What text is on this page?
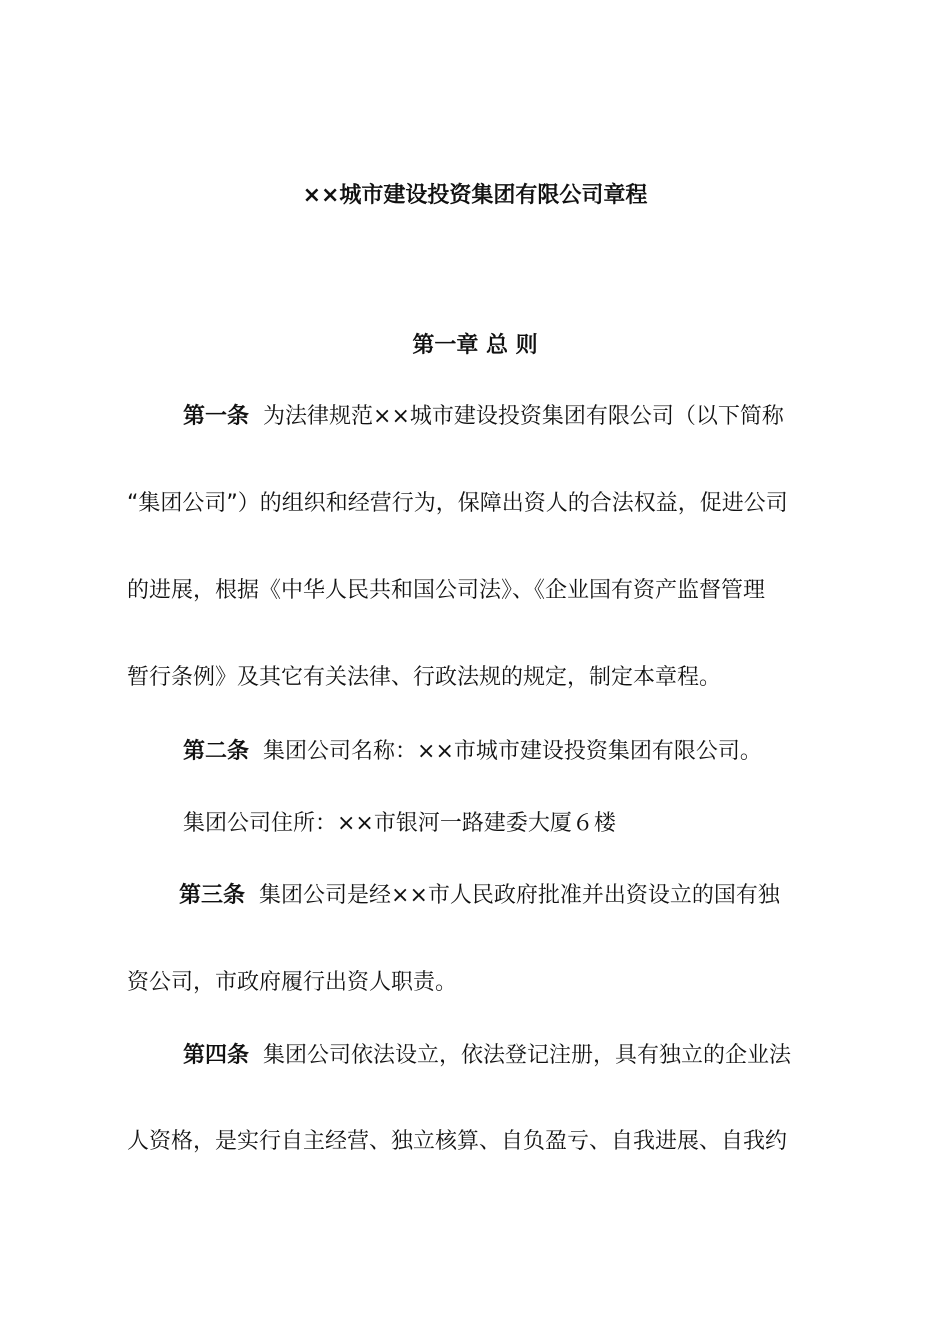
××城市建设投资集团有限公司章程
第一章 总 则
第一条 为法律规范××城市建设投资集团有限公司（以下简称
“集团公司”）的组织和经营行为，保障出资人的合法权益，促进公司
的进展，根据《中华人民共和国公司法》、《企业国有资产监督管理
暂行条例》及其它有关法律、行政法规的规定，制定本章程。
第二条 集团公司名称：××市城市建设投资集团有限公司。
集团公司住所：××市银河一路建委大厦６楼
第三条 集团公司是经××市人民政府批准并出资设立的国有独
资公司，市政府履行出资人职责。
第四条 集团公司依法设立，依法登记注册，具有独立的企业法
人资格，是实行自主经营、独立核算、自负盈亏、自我进展、自我约
